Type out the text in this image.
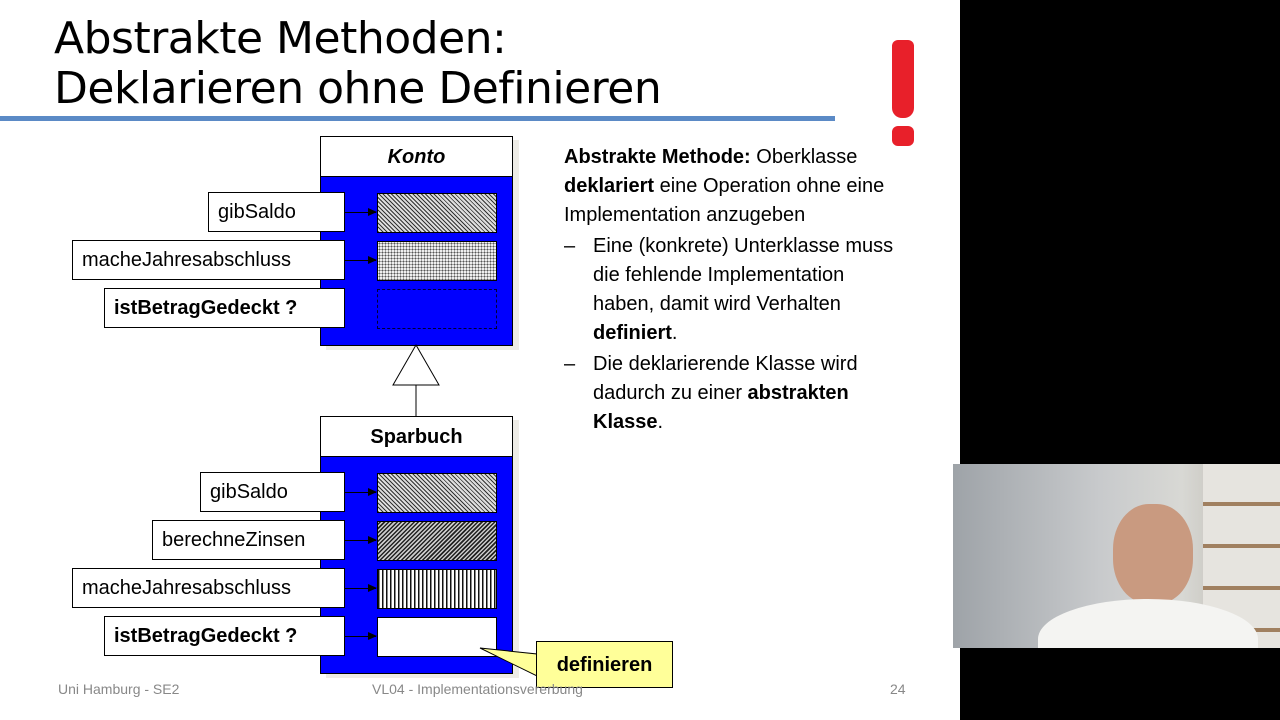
Abstrakte Methoden:
Deklarieren ohne Definieren
Konto
gibSaldo
macheJahresabschluss
istBetragGedeckt ?
Sparbuch
gibSaldo
berechneZinsen
macheJahresabschluss
istBetragGedeckt ?
definieren
Abstrakte Methode: Oberklasse deklariert eine Operation ohne eine Implementation anzugeben
– Eine (konkrete) Unterklasse muss die fehlende Implementation haben, damit wird Verhalten definiert.
– Die deklarierende Klasse wird dadurch zu einer abstrakten Klasse.
Uni Hamburg - SE2	VL04 - Implementationsvererbung	24
